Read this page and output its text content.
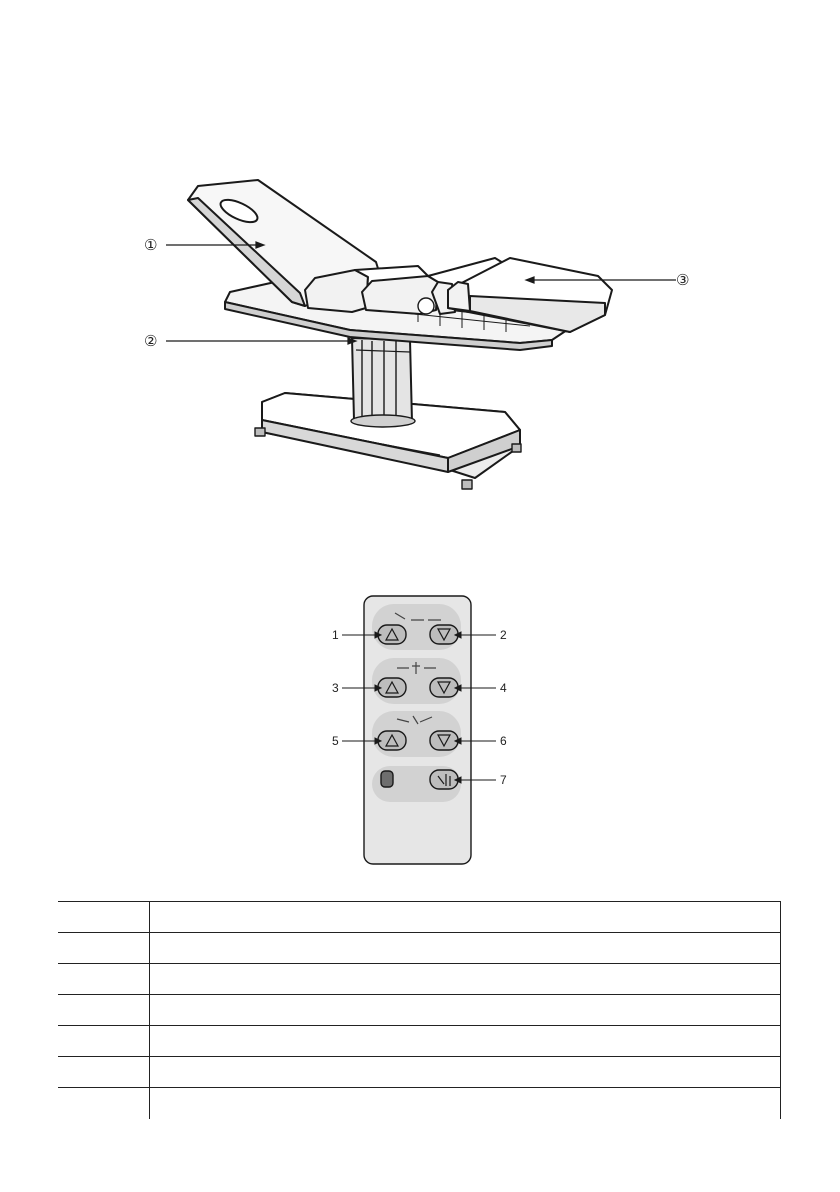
①
②
③
1	2
3	4
5	6
7
